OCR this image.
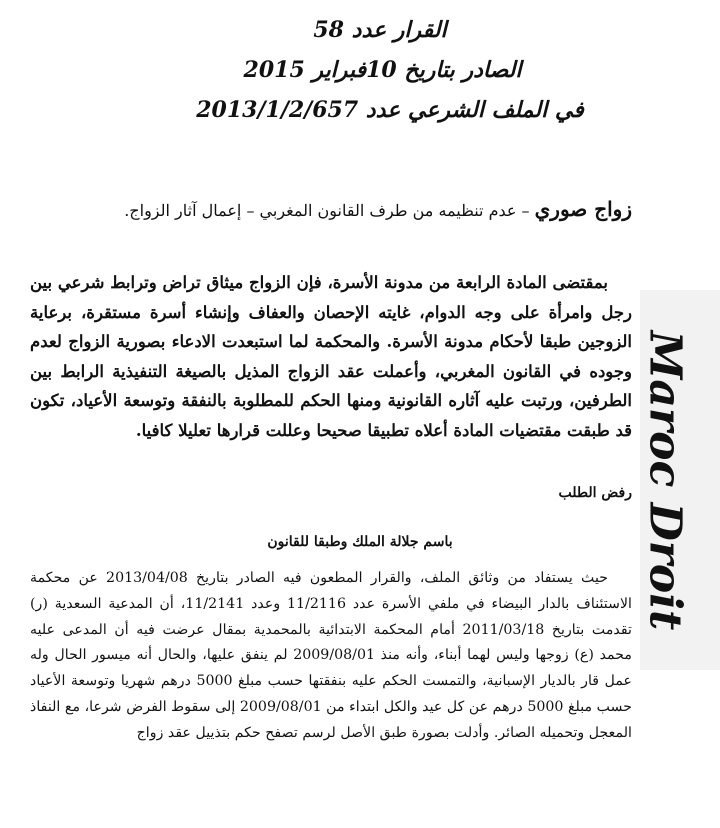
القرار عدد 58
الصادر بتاريخ 10فبراير 2015
في الملف الشرعي عدد 2013/1/2/657
زواج صوري – عدم تنظيمه من طرف القانون المغربي – إعمال آثار الزواج.

بمقتضى المادة الرابعة من مدونة الأسرة، فإن الزواج ميثاق تراض وترابط شرعي بين رجل وامرأة على وجه الدوام، غايته الإحصان والعفاف وإنشاء أسرة مستقرة، برعاية الزوجين طبقا لأحكام مدونة الأسرة. والمحكمة لما استبعدت الادعاء بصورية الزواج لعدم وجوده في القانون المغربي، وأعملت عقد الزواج المذيل بالصيغة التنفيذية الرابط بين الطرفين، ورتبت عليه آثاره القانونية ومنها الحكم للمطلوبة بالنفقة وتوسعة الأعياد، تكون قد طبقت مقتضيات المادة أعلاه تطبيقا صحيحا وعللت قرارها تعليلا كافيا.

رفض الطلب
باسم جلالة الملك وطبقا للقانون

حيث يستفاد من وثائق الملف، والقرار المطعون فيه الصادر بتاريخ 2013/04/08 عن محكمة الاستئناف بالدار البيضاء في ملفي الأسرة عدد 11/2116 وعدد 11/2141، أن المدعية السعدية (ر) تقدمت بتاريخ 2011/03/18 أمام المحكمة الابتدائية بالمحمدية بمقال عرضت فيه أن المدعى عليه محمد (ع) زوجها وليس لهما أبناء، وأنه منذ 2009/08/01 لم ينفق عليها، والحال أنه ميسور الحال وله عمل قار بالديار الإسبانية، والتمست الحكم عليه بنفقتها حسب مبلغ 5000 درهم شهريا وتوسعة الأعياد حسب مبلغ 5000 درهم عن كل عيد والكل ابتداء من 2009/08/01 إلى سقوط الفرض شرعا، مع النفاذ المعجل وتحميله الصائر. وأدلت بصورة طبق الأصل لرسم تصفح حكم بتذييل عقد زواج

Maroc Droit
